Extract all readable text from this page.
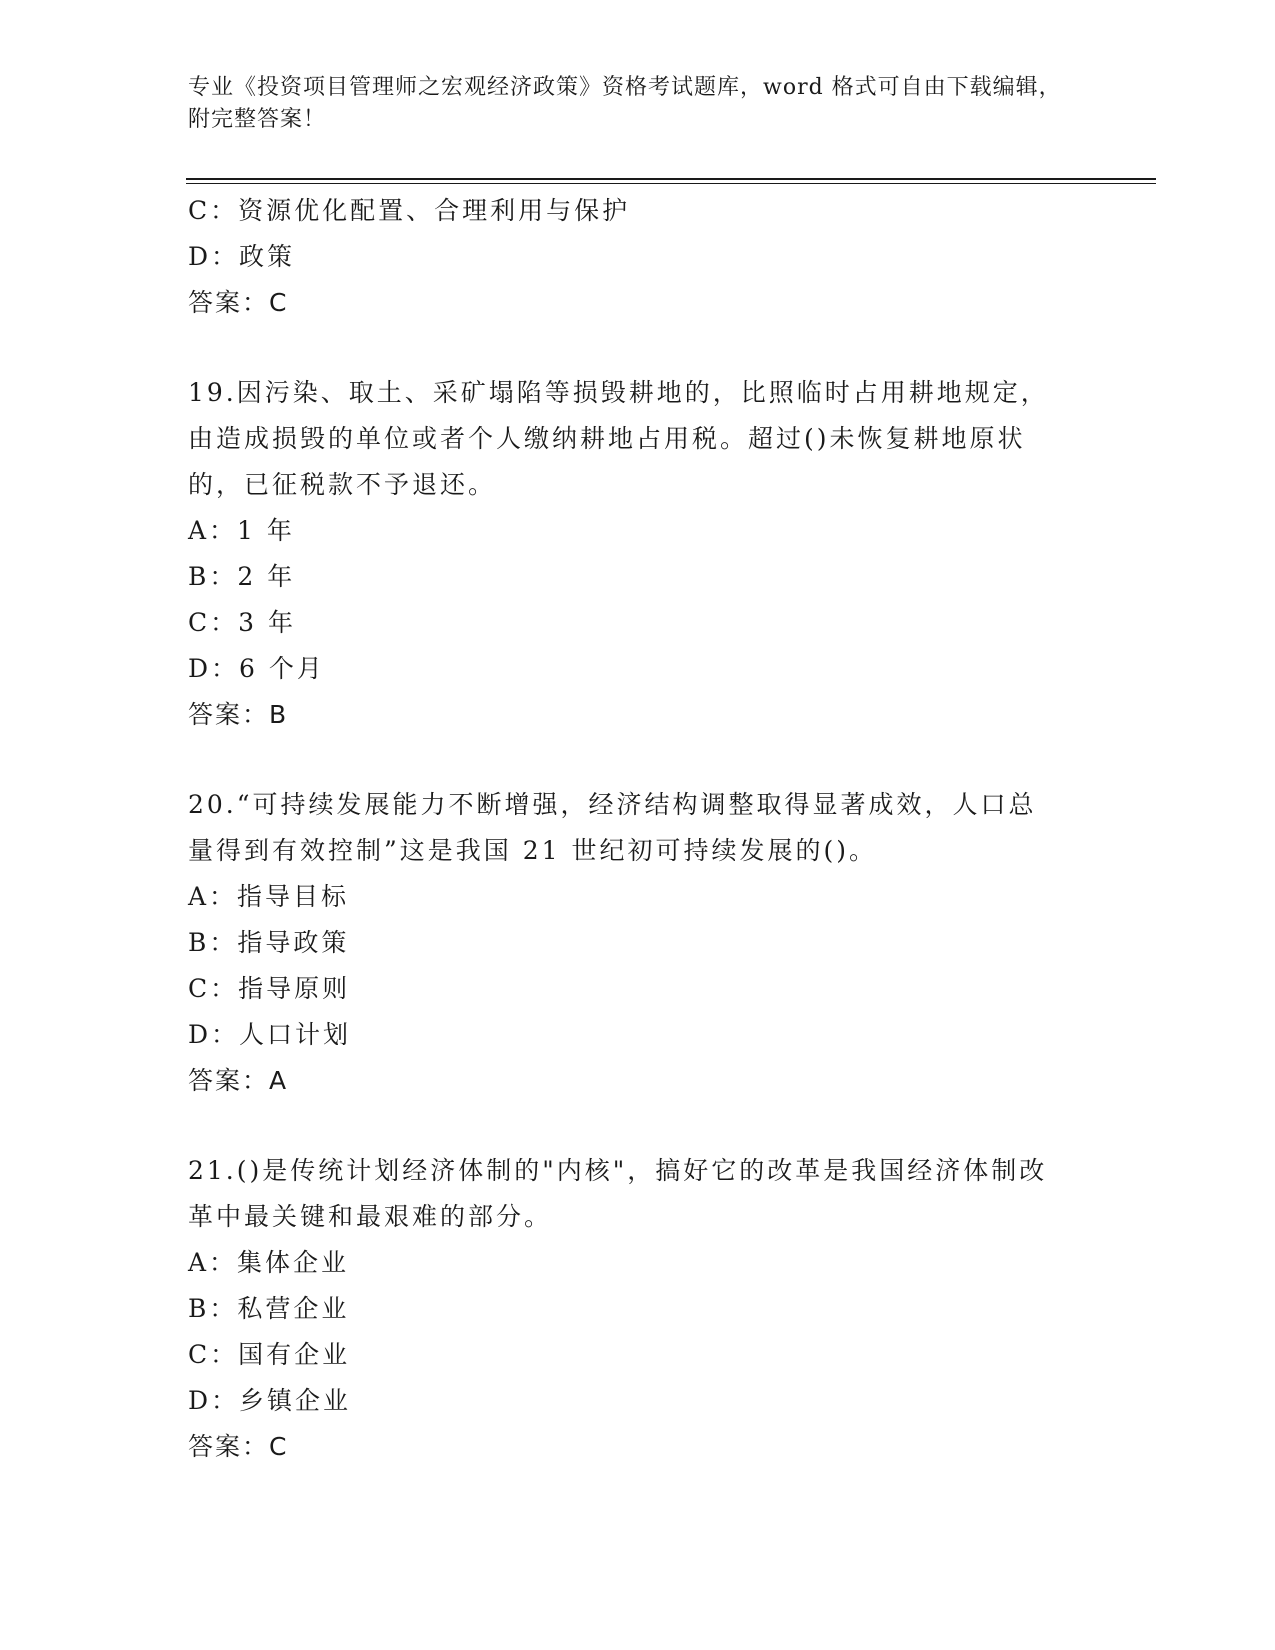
专业《投资项目管理师之宏观经济政策》资格考试题库，word 格式可自由下载编辑，附完整答案！
C：资源优化配置、合理利用与保护
D：政策
答案：C
19.因污染、取土、采矿塌陷等损毁耕地的，比照临时占用耕地规定，
由造成损毁的单位或者个人缴纳耕地占用税。超过()未恢复耕地原状
的，已征税款不予退还。
A：1 年
B：2 年
C：3 年
D：6 个月
答案：B
20.“可持续发展能力不断增强，经济结构调整取得显著成效，人口总
量得到有效控制”这是我国 21 世纪初可持续发展的()。
A：指导目标
B：指导政策
C：指导原则
D：人口计划
答案：A
21.()是传统计划经济体制的"内核"，搞好它的改革是我国经济体制改
革中最关键和最艰难的部分。
A：集体企业
B：私营企业
C：国有企业
D：乡镇企业
答案：C
